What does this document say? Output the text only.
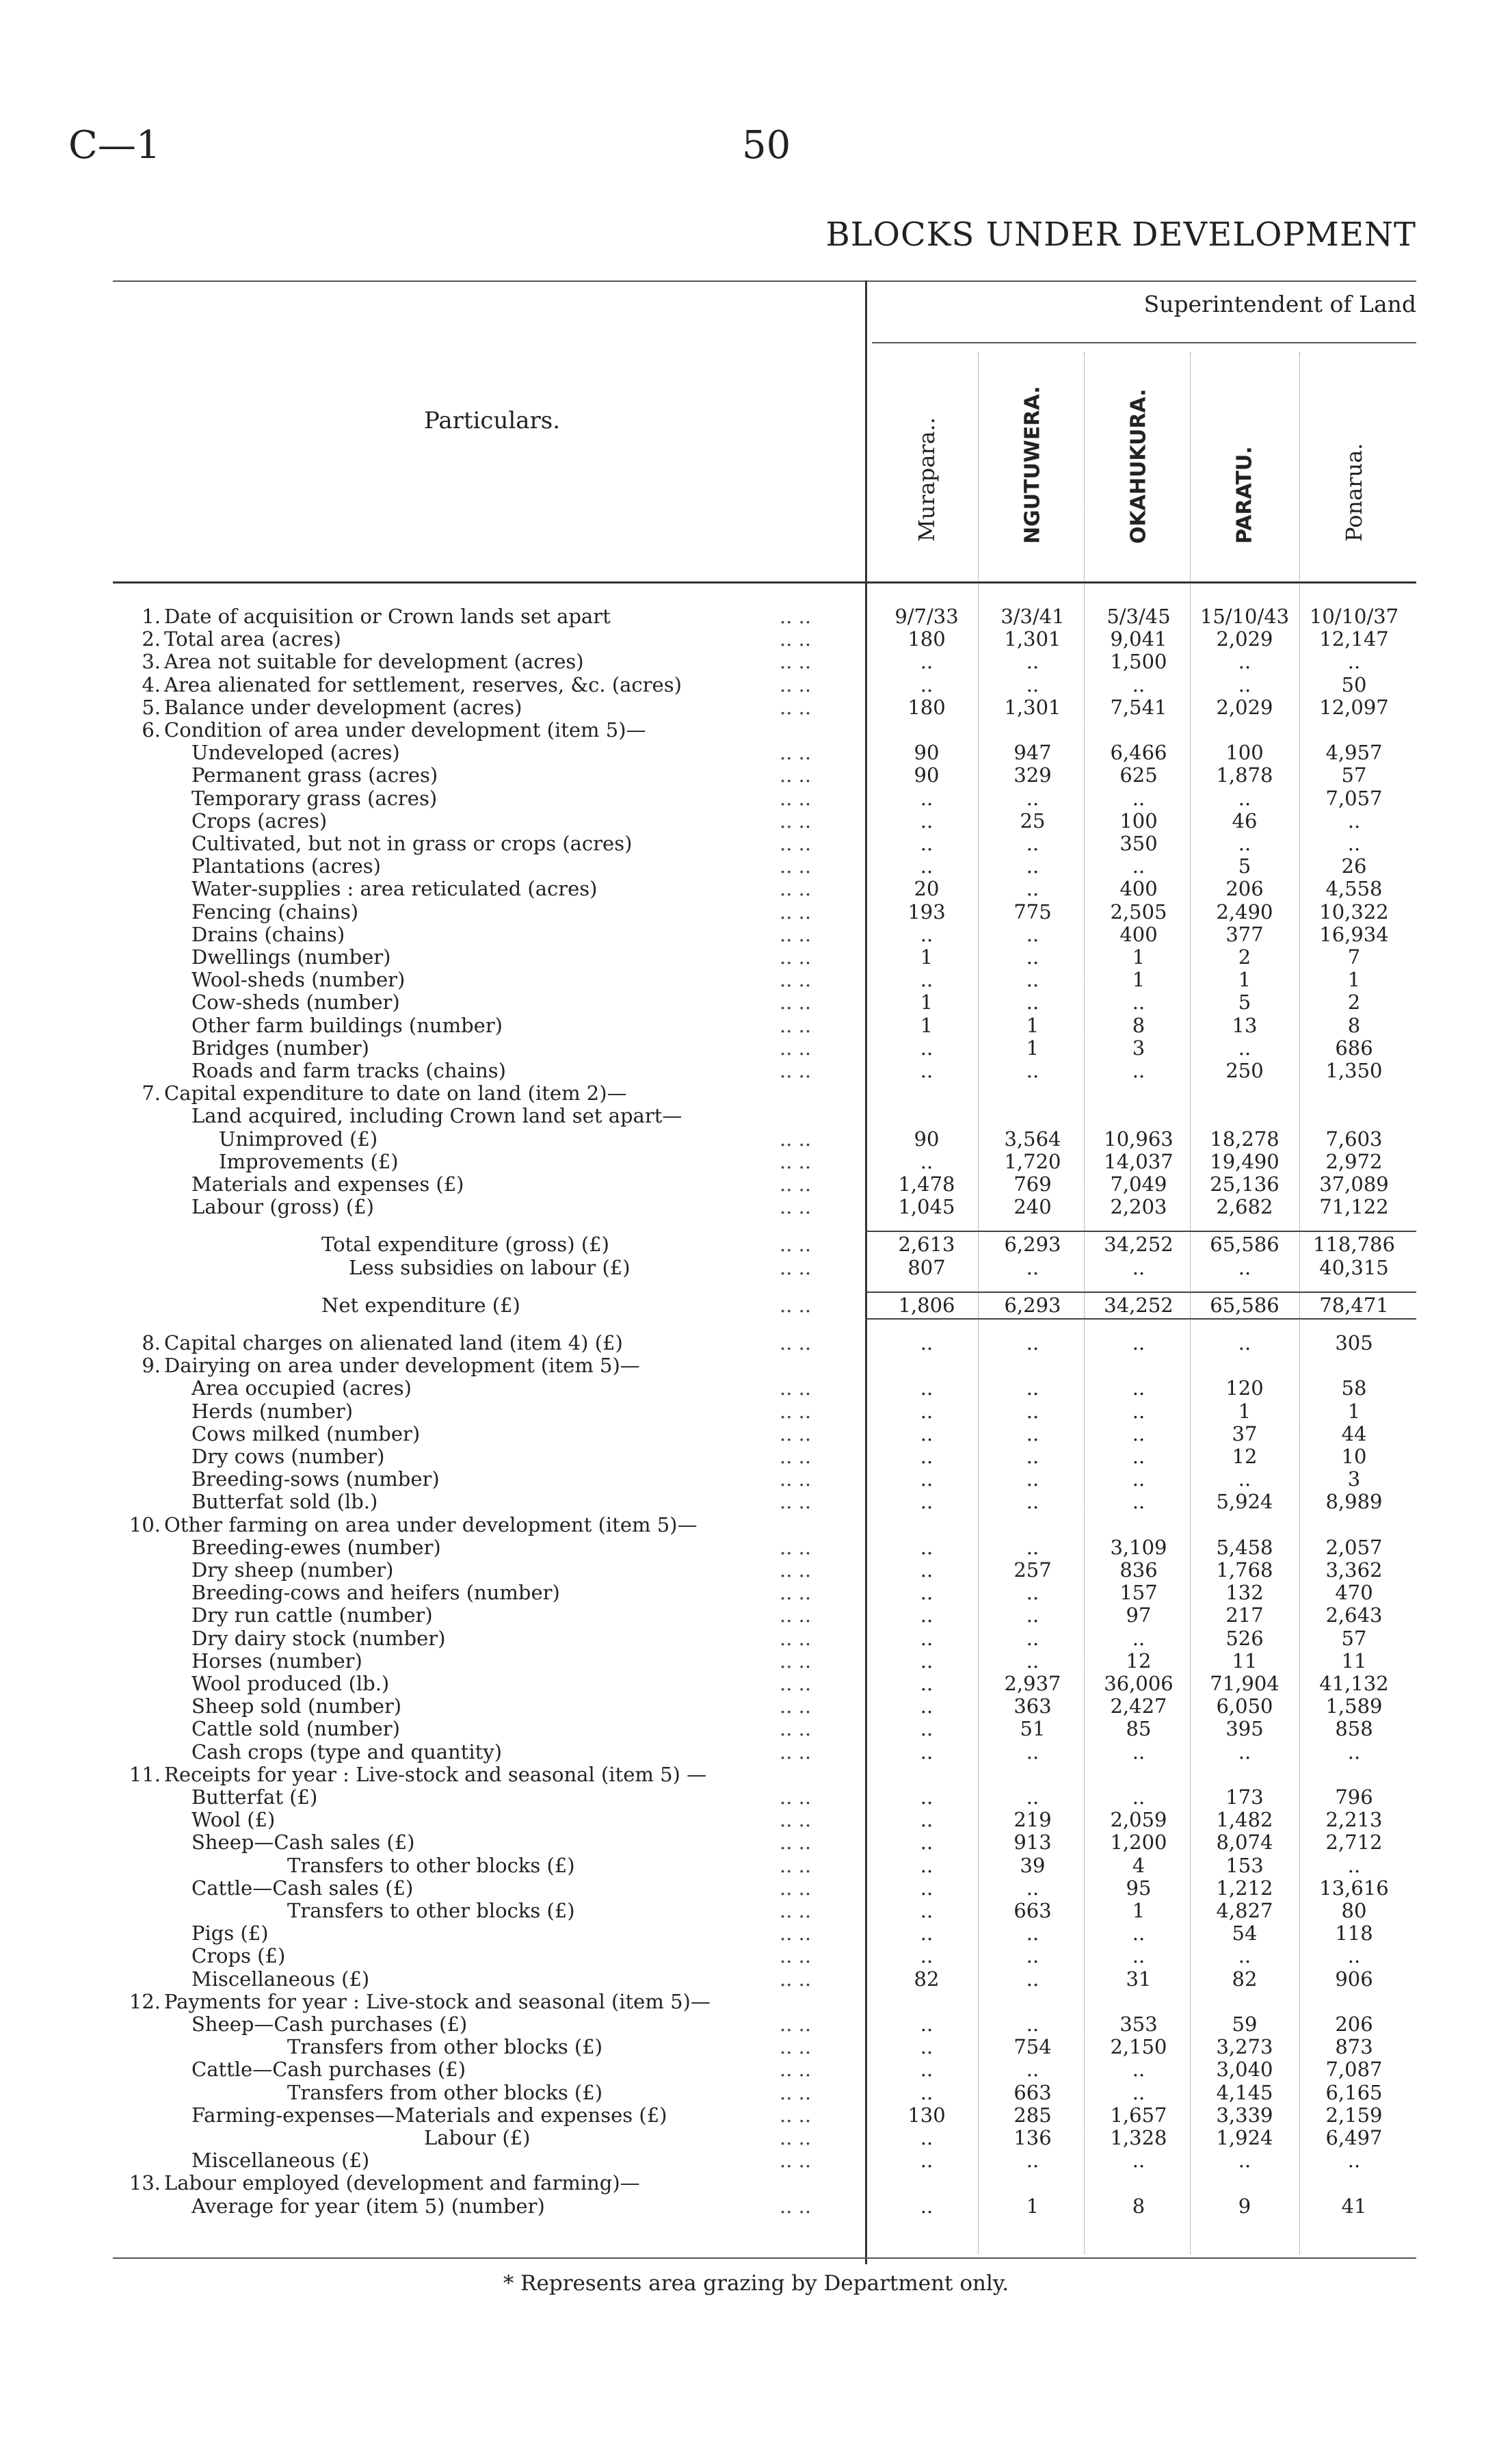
C—1	50
BLOCKS UNDER DEVELOPMENT
Superintendent of Land
Particulars.	Murapara..	NGUTUWERA.	OKAHUKURA.	PARATU.	Ponarua.
1. Date of acquisition or Crown lands set apart	.. ..	9/7/33	3/3/41	5/3/45	15/10/43	10/10/37
2. Total area (acres)	.. ..	180	1,301	9,041	2,029	12,147
3. Area not suitable for development (acres)	.. ..	..	..	1,500	..	..
4. Area alienated for settlement, reserves, &c. (acres)	.. ..	..	..	..	..	50
5. Balance under development (acres)	.. ..	180	1,301	7,541	2,029	12,097
6. Condition of area under development (item 5)—
Undeveloped (acres)	.. ..	90	947	6,466	100	4,957
Permanent grass (acres)	.. ..	90	329	625	1,878	57
Temporary grass (acres)	.. ..	..	..	..	..	7,057
Crops (acres)	.. ..	..	25	100	46	..
Cultivated, but not in grass or crops (acres)	.. ..	..	..	350	..	..
Plantations (acres)	.. ..	..	..	..	5	26
Water-supplies : area reticulated (acres)	.. ..	20	..	400	206	4,558
Fencing (chains)	.. ..	193	775	2,505	2,490	10,322
Drains (chains)	.. ..	..	..	400	377	16,934
Dwellings (number)	.. ..	1	..	1	2	7
Wool-sheds (number)	.. ..	..	..	1	1	1
Cow-sheds (number)	.. ..	1	..	..	5	2
Other farm buildings (number)	.. ..	1	1	8	13	8
Bridges (number)	.. ..	..	1	3	..	686
Roads and farm tracks (chains)	.. ..	..	..	..	250	1,350
7. Capital expenditure to date on land (item 2)—
Land acquired, including Crown land set apart—
Unimproved (£)	.. ..	90	3,564	10,963	18,278	7,603
Improvements (£)	.. ..	..	1,720	14,037	19,490	2,972
Materials and expenses (£)	.. ..	1,478	769	7,049	25,136	37,089
Labour (gross) (£)	.. ..	1,045	240	2,203	2,682	71,122
Total expenditure (gross) (£)	.. ..	2,613	6,293	34,252	65,586	118,786
Less subsidies on labour (£)	.. ..	807	..	..	..	40,315
Net expenditure (£)	.. ..	1,806	6,293	34,252	65,586	78,471
8. Capital charges on alienated land (item 4) (£)	.. ..	..	..	..	..	305
9. Dairying on area under development (item 5)—
Area occupied (acres)	.. ..	..	..	..	120	58
Herds (number)	.. ..	..	..	..	1	1
Cows milked (number)	.. ..	..	..	..	37	44
Dry cows (number)	.. ..	..	..	..	12	10
Breeding-sows (number)	.. ..	..	..	..	..	3
Butterfat sold (lb.)	.. ..	..	..	..	5,924	8,989
10. Other farming on area under development (item 5)—
Breeding-ewes (number)	.. ..	..	..	3,109	5,458	2,057
Dry sheep (number)	.. ..	..	257	836	1,768	3,362
Breeding-cows and heifers (number)	.. ..	..	..	157	132	470
Dry run cattle (number)	.. ..	..	..	97	217	2,643
Dry dairy stock (number)	.. ..	..	..	..	526	57
Horses (number)	.. ..	..	..	12	11	11
Wool produced (lb.)	.. ..	..	2,937	36,006	71,904	41,132
Sheep sold (number)	.. ..	..	363	2,427	6,050	1,589
Cattle sold (number)	.. ..	..	51	85	395	858
Cash crops (type and quantity)	.. ..	..	..	..	..	..
11. Receipts for year : Live-stock and seasonal (item 5) —
Butterfat (£)	.. ..	..	..	..	173	796
Wool (£)	.. ..	..	219	2,059	1,482	2,213
Sheep—Cash sales (£)	.. ..	..	913	1,200	8,074	2,712
Transfers to other blocks (£)	.. ..	..	39	4	153	..
Cattle—Cash sales (£)	.. ..	..	..	95	1,212	13,616
Transfers to other blocks (£)	.. ..	..	663	1	4,827	80
Pigs (£)	.. ..	..	..	..	54	118
Crops (£)	.. ..	..	..	..	..	..
Miscellaneous (£)	.. ..	82	..	31	82	906
12. Payments for year : Live-stock and seasonal (item 5)—
Sheep—Cash purchases (£)	.. ..	..	..	353	59	206
Transfers from other blocks (£)	.. ..	..	754	2,150	3,273	873
Cattle—Cash purchases (£)	.. ..	..	..	..	3,040	7,087
Transfers from other blocks (£)	.. ..	..	663	..	4,145	6,165
Farming-expenses—Materials and expenses (£)	.. ..	130	285	1,657	3,339	2,159
Labour (£)	.. ..	..	136	1,328	1,924	6,497
Miscellaneous (£)	.. ..	..	..	..	..	..
13. Labour employed (development and farming)—
Average for year (item 5) (number)	.. ..	..	1	8	9	41
* Represents area grazing by Department only.
